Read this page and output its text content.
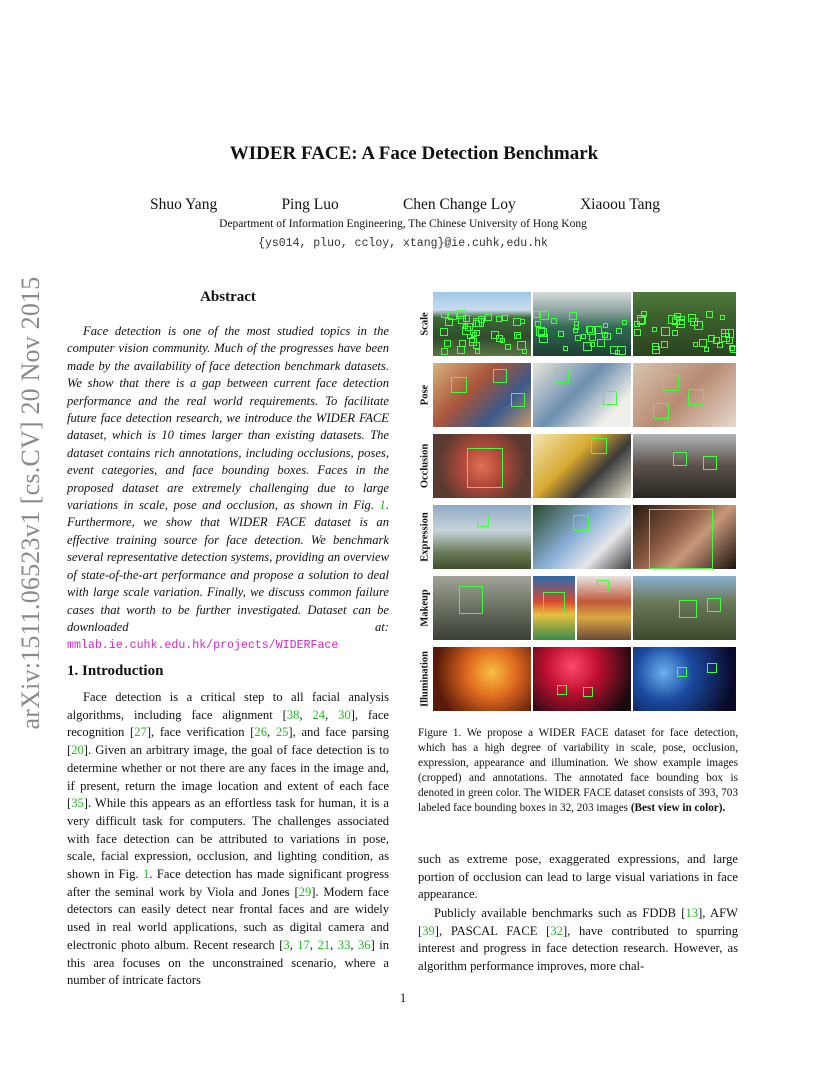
arXiv:1511.06523v1 [cs.CV] 20 Nov 2015
WIDER FACE: A Face Detection Benchmark
Shuo Yang	Ping Luo	Chen Change Loy	Xiaoou Tang
Department of Information Engineering, The Chinese University of Hong Kong
{ys014, pluo, ccloy, xtang}@ie.cuhk,edu.hk
Abstract

Face detection is one of the most studied topics in the computer vision community. Much of the progresses have been made by the availability of face detection benchmark datasets. We show that there is a gap between current face detection performance and the real world requirements. To facilitate future face detection research, we introduce the WIDER FACE dataset, which is 10 times larger than existing datasets. The dataset contains rich annotations, including occlusions, poses, event categories, and face bounding boxes. Faces in the proposed dataset are extremely challenging due to large variations in scale, pose and occlusion, as shown in Fig. 1. Furthermore, we show that WIDER FACE dataset is an effective training source for face detection. We benchmark several representative detection systems, providing an overview of state-of-the-art performance and propose a solution to deal with large scale variation. Finally, we discuss common failure cases that worth to be further investigated. Dataset can be downloaded at: mmlab.ie.cuhk.edu.hk/projects/WIDERFace

1. Introduction

Face detection is a critical step to all facial analysis algorithms, including face alignment [38, 24, 30], face recognition [27], face verification [26, 25], and face parsing [20]. Given an arbitrary image, the goal of face detection is to determine whether or not there are any faces in the image and, if present, return the image location and extent of each face [35]. While this appears as an effortless task for human, it is a very difficult task for computers. The challenges associated with face detection can be attributed to variations in pose, scale, facial expression, occlusion, and lighting condition, as shown in Fig. 1. Face detection has made significant progress after the seminal work by Viola and Jones [29]. Modern face detectors can easily detect near frontal faces and are widely used in real world applications, such as digital camera and electronic photo album. Recent research [3, 17, 21, 33, 36] in this area focuses on the unconstrained scenario, where a number of intricate factors

Scale
Pose
Occlusion
Expression
Makeup
Illumination

Figure 1. We propose a WIDER FACE dataset for face detection, which has a high degree of variability in scale, pose, occlusion, expression, appearance and illumination. We show example images (cropped) and annotations. The annotated face bounding box is denoted in green color. The WIDER FACE dataset consists of 393, 703 labeled face bounding boxes in 32, 203 images (Best view in color).

such as extreme pose, exaggerated expressions, and large portion of occlusion can lead to large visual variations in face appearance.

Publicly available benchmarks such as FDDB [13], AFW [39], PASCAL FACE [32], have contributed to spurring interest and progress in face detection research. However, as algorithm performance improves, more chal-

1
